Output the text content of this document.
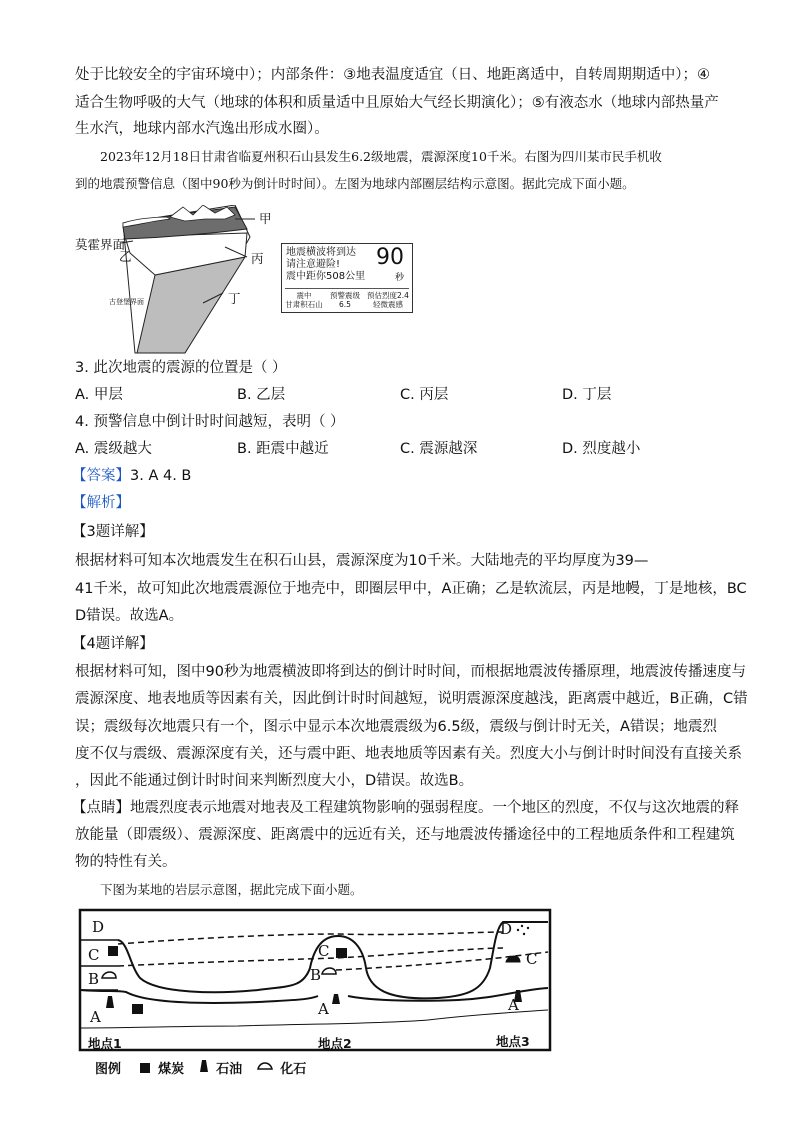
处于比较安全的宇宙环境中）；内部条件：③地表温度适宜（日、地距离适中，自转周期期适中）；④
适合生物呼吸的大气（地球的体积和质量适中且原始大气经长期演化）；⑤有液态水（地球内部热量产
生水汽，地球内部水汽逸出形成水圈）。
2023年12月18日甘肃省临夏州积石山县发生6.2级地震，震源深度10千米。右图为四川某市民手机收
到的地震预警信息（图中90秒为倒计时时间）。左图为地球内部圈层结构示意图。据此完成下面小题。
甲
莫霍界面
乙	丙
古登堡界面	丁
地震横波将到达
请注意避险!
震中距你508公里
90
秒
震中
甘肃积石山
预警震级
6.5
预估烈度2.4
轻微震感
3. 此次地震的震源的位置是（ ）
A. 甲层	B. 乙层	C. 丙层	D. 丁层
4. 预警信息中倒计时时间越短，表明（ ）
A. 震级越大	B. 距震中越近	C. 震源越深	D. 烈度越小
【答案】3. A 4. B
【解析】
【3题详解】
根据材料可知本次地震发生在积石山县，震源深度为10千米。大陆地壳的平均厚度为39—
41千米，故可知此次地震震源位于地壳中，即圈层甲中，A正确；乙是软流层，丙是地幔，丁是地核，BC
D错误。故选A。
【4题详解】
根据材料可知，图中90秒为地震横波即将到达的倒计时时间，而根据地震波传播原理，地震波传播速度与
震源深度、地表地质等因素有关，因此倒计时时间越短，说明震源深度越浅，距离震中越近，B正确，C错
误；震级每次地震只有一个，图示中显示本次地震震级为6.5级，震级与倒计时无关，A错误；地震烈
度不仅与震级、震源深度有关，还与震中距、地表地质等因素有关。烈度大小与倒计时时间没有直接关系
，因此不能通过倒计时时间来判断烈度大小，D错误。故选B。
【点睛】地震烈度表示地震对地表及工程建筑物影响的强弱程度。一个地区的烈度，不仅与这次地震的释
放能量（即震级）、震源深度、距离震中的远近有关，还与地震波传播途径中的工程地质条件和工程建筑
物的特性有关。
下图为某地的岩层示意图，据此完成下面小题。
D
C
B
A
C
B
A
D
C
A
地点1	地点2	地点3
图例	煤炭 石油	化石
